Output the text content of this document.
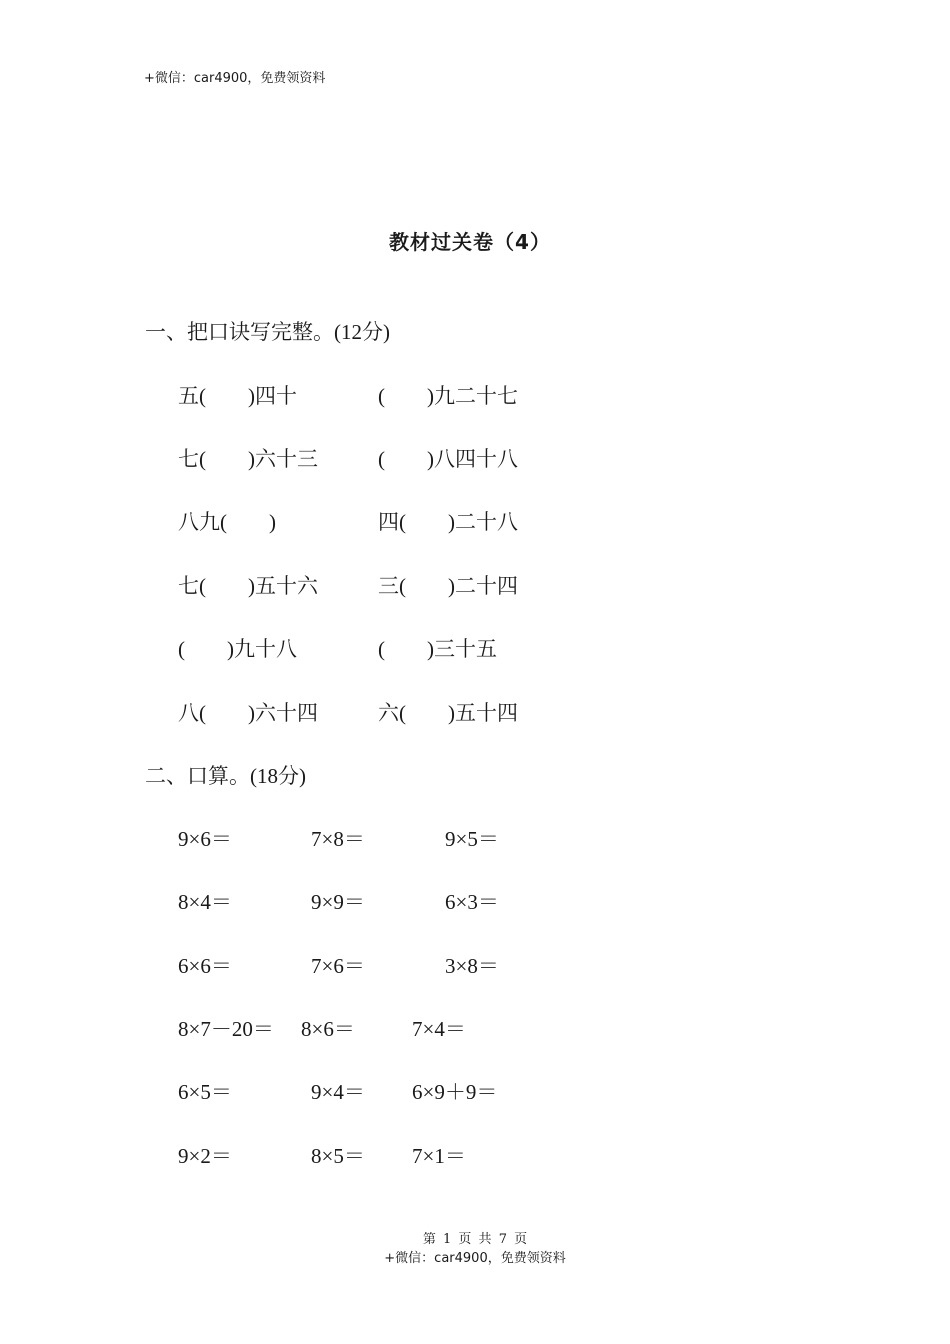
+微信：car4900，免费领资料
教材过关卷（4）
一、把口诀写完整。(12分)
五(　　)四十	(　　)九二十七
七(　　)六十三	(　　)八四十八
八九(　　)	四(　　)二十八
七(　　)五十六	三(　　)二十四
(　　)九十八	(　　)三十五
八(　　)六十四	六(　　)五十四
二、口算。(18分)
9×6＝	7×8＝	9×5＝
8×4＝	9×9＝	6×3＝
6×6＝	7×6＝	3×8＝
8×7－20＝ 8×6＝	7×4＝
6×5＝	9×4＝ 6×9＋9＝
9×2＝	8×5＝ 7×1＝
第 1 页 共 7 页
+微信：car4900，免费领资料
